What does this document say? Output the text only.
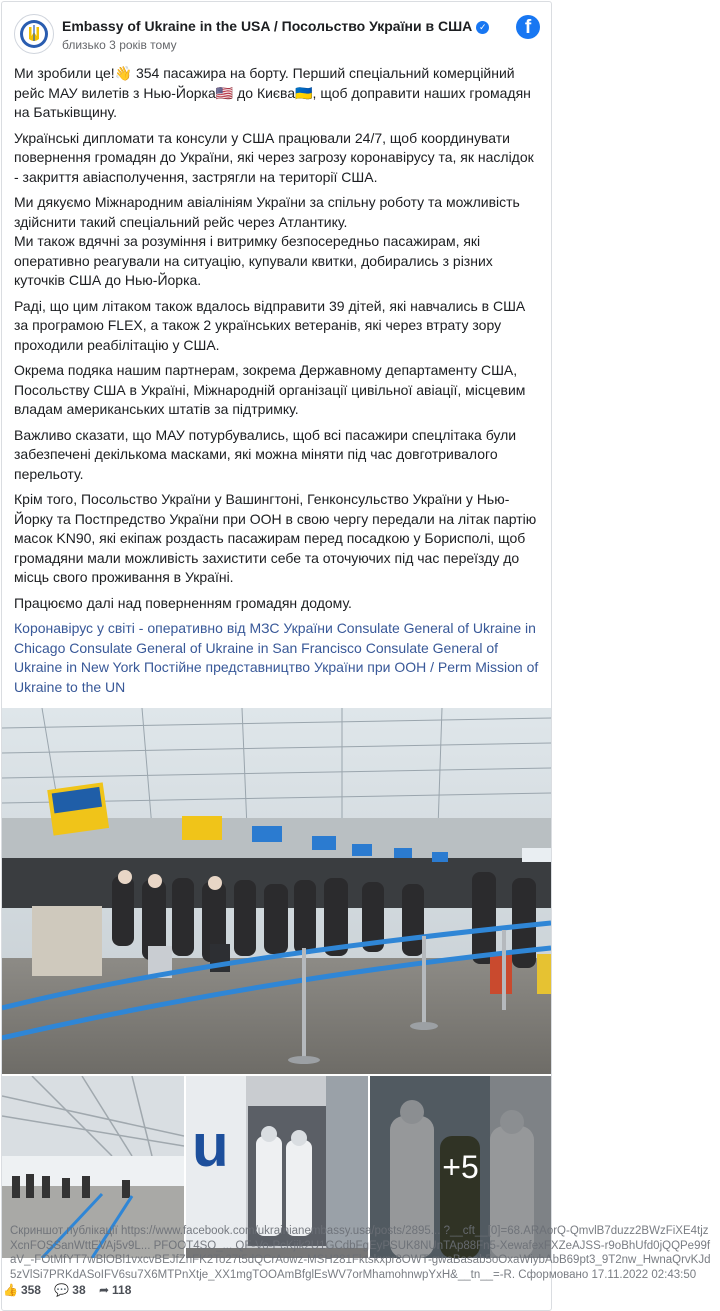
Embassy of Ukraine in the USA / Посольство України в США ✓
близько 3 років тому
f

Ми зробили це!👋 354 пасажира на борту. Перший спеціальний комерційний рейс МАУ вилетів з Нью-Йорка🇺🇸 до Києва🇺🇦, щоб доправити наших громадян на Батьківщину.

Українські дипломати та консули у США працювали 24/7, щоб координувати повернення громадян до України, які через загрозу коронавірусу та, як наслідок - закриття авіасполучення, застрягли на території США.

Ми дякуємо Міжнародним авіалініям України за спільну роботу та можливість здійснити такий спеціальний рейс через Атлантику.

Ми також вдячні за розуміння і витримку безпосередньо пасажирам, які оперативно реагували на ситуацію, купували квитки, добирались з різних куточків США до Нью-Йорка.

Раді, що цим літаком також вдалось відправити 39 дітей, які навчались в США за програмою FLEX, а також 2 українських ветеранів, які через втрату зору проходили реабілітацію у США.

Окрема подяка нашим партнерам, зокрема Державному департаменту США, Посольству США в Україні, Міжнародній організації цивільної авіації, місцевим владам американських штатів за підтримку.

Важливо сказати, що МАУ потурбувались, щоб всі пасажири спецлітака були забезпечені декількома масками, які можна міняти під час довготривалого перельоту.

Крім того, Посольство України у Вашингтоні, Генконсульство України у Нью-Йорку та Постпредство України при ООН в свою чергу передали на літак партію масок KN90, які екіпаж роздасть пасажирам перед посадкою у Борисполі, щоб громадяни мали можливість захистити себе та оточуючих під час переїзду до місць свого проживання в Україні.

Працюємо далі над поверненням громадян додому.

Коронавірус у світі - оперативно від МЗС України Consulate General of Ukraine in Chicago Consulate General of Ukraine in San Francisco Consulate General of Ukraine in New York Постійне представництво України при ООН / Perm Mission of Ukraine to the UN

u	+5
👍 358 💬 38 ➦ 118
Скриншот публікації https://www.facebook.com/ukrainianembassy.usa/posts/2895... ?__cft__[0]=68.ARAorQ-QmvlB7duzz2BWzFiXE4tjzXcnFOSSanWttEVAj5v9L... PFOOT4SO_... QF-Vo-PcKjik2U1GCdbFgEyPSUK8NUnTAp88Fn5-XewafexFXZeAJSS-r9oBhUfd0jQQPe99faV_-FOtMfYT7wBlOBl1vxcvBEJfZnFK2To27t5dQCrAowz-MSH281Fktskxpr8OWT-gwaBasab5oOxaWiybAbB69pt3_9T2nw_HwnaQrvKJd5zVlSi7PRKdASoIFV6su7X6MTPnXtje_XX1mgTOOAmBfglEsWV7orMhamohnwpYxH&__tn__=-R. Сформовано 17.11.2022 02:43:50
